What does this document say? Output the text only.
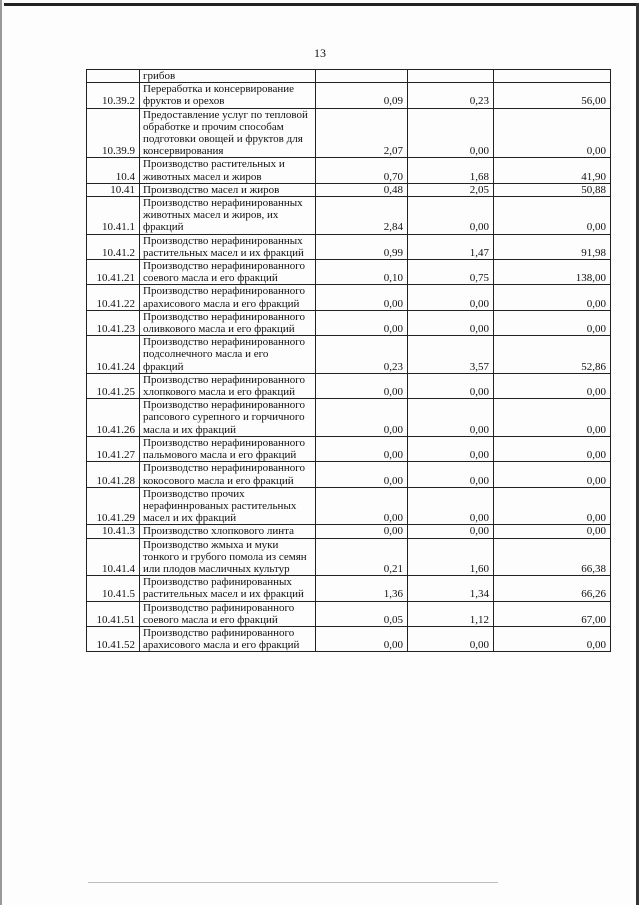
13
	грибов			
10.39.2	Переработка и консервирование фруктов и орехов	0,09	0,23	56,00
10.39.9	Предоставление услуг по тепловой обработке и прочим способам подготовки овощей и фруктов для консервирования	2,07	0,00	0,00
10.4	Производство растительных и животных масел и жиров	0,70	1,68	41,90
10.41	Производство масел и жиров	0,48	2,05	50,88
10.41.1	Производство нерафинированных животных масел и жиров, их фракций	2,84	0,00	0,00
10.41.2	Производство нерафинированных растительных масел и их фракций	0,99	1,47	91,98
10.41.21	Производство нерафинированного соевого масла и его фракций	0,10	0,75	138,00
10.41.22	Производство нерафинированного арахисового масла и его фракций	0,00	0,00	0,00
10.41.23	Производство нерафинированного оливкового масла и его фракций	0,00	0,00	0,00
10.41.24	Производство нерафинированного подсолнечного масла и его фракций	0,23	3,57	52,86
10.41.25	Производство нерафинированного хлопкового масла и его фракций	0,00	0,00	0,00
10.41.26	Производство нерафинированного рапсового сурепного и горчичного масла и их фракций	0,00	0,00	0,00
10.41.27	Производство нерафинированного пальмового масла и его фракций	0,00	0,00	0,00
10.41.28	Производство нерафинированного кокосового масла и его фракций	0,00	0,00	0,00
10.41.29	Производство прочих нерафиннрованых растительных масел и их фракций	0,00	0,00	0,00
10.41.3	Производство хлопкового линта	0,00	0,00	0,00
10.41.4	Производство жмыха и муки тонкого и грубого помола из семян или плодов масличных культур	0,21	1,60	66,38
10.41.5	Производство рафинированных растительных масел и их фракций	1,36	1,34	66,26
10.41.51	Производство рафинированного соевого масла и его фракций	0,05	1,12	67,00
10.41.52	Производство рафинированного арахисового масла и его фракций	0,00	0,00	0,00
